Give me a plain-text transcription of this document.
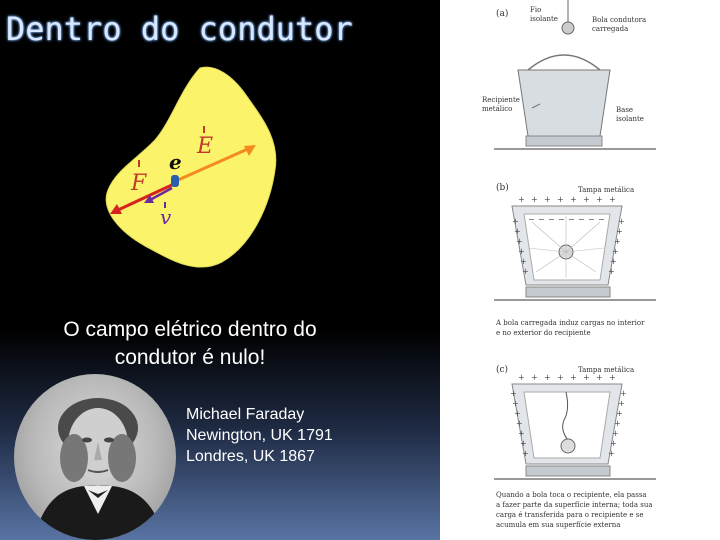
Dentro do condutor
e
E
F
v
O campo elétrico dentro do
condutor é nulo!
Michael Faraday
Newington, UK 1791
Londres, UK 1867
(a)	Fio
isolante	Bola condutora
carregada
Recipiente
metálico	Base
isolante
(b)	Tampa metálica
A bola carregada induz cargas no interior
e no exterior do recipiente
(c)	Tampa metálica
Quando a bola toca o recipiente, ela passa
a fazer parte da superfície interna; toda sua
carga é transferida para o recipiente e se
acumula em sua superfície externa
+
−
+
−
+
−
+
−
+
−
+
−
+
−
+
−
+	+
+	+
+	+
+	+
+	+
+	+
+ + + + + + + +
+	+
+	+
+	+
+	+
+	+
+	+
+	+
